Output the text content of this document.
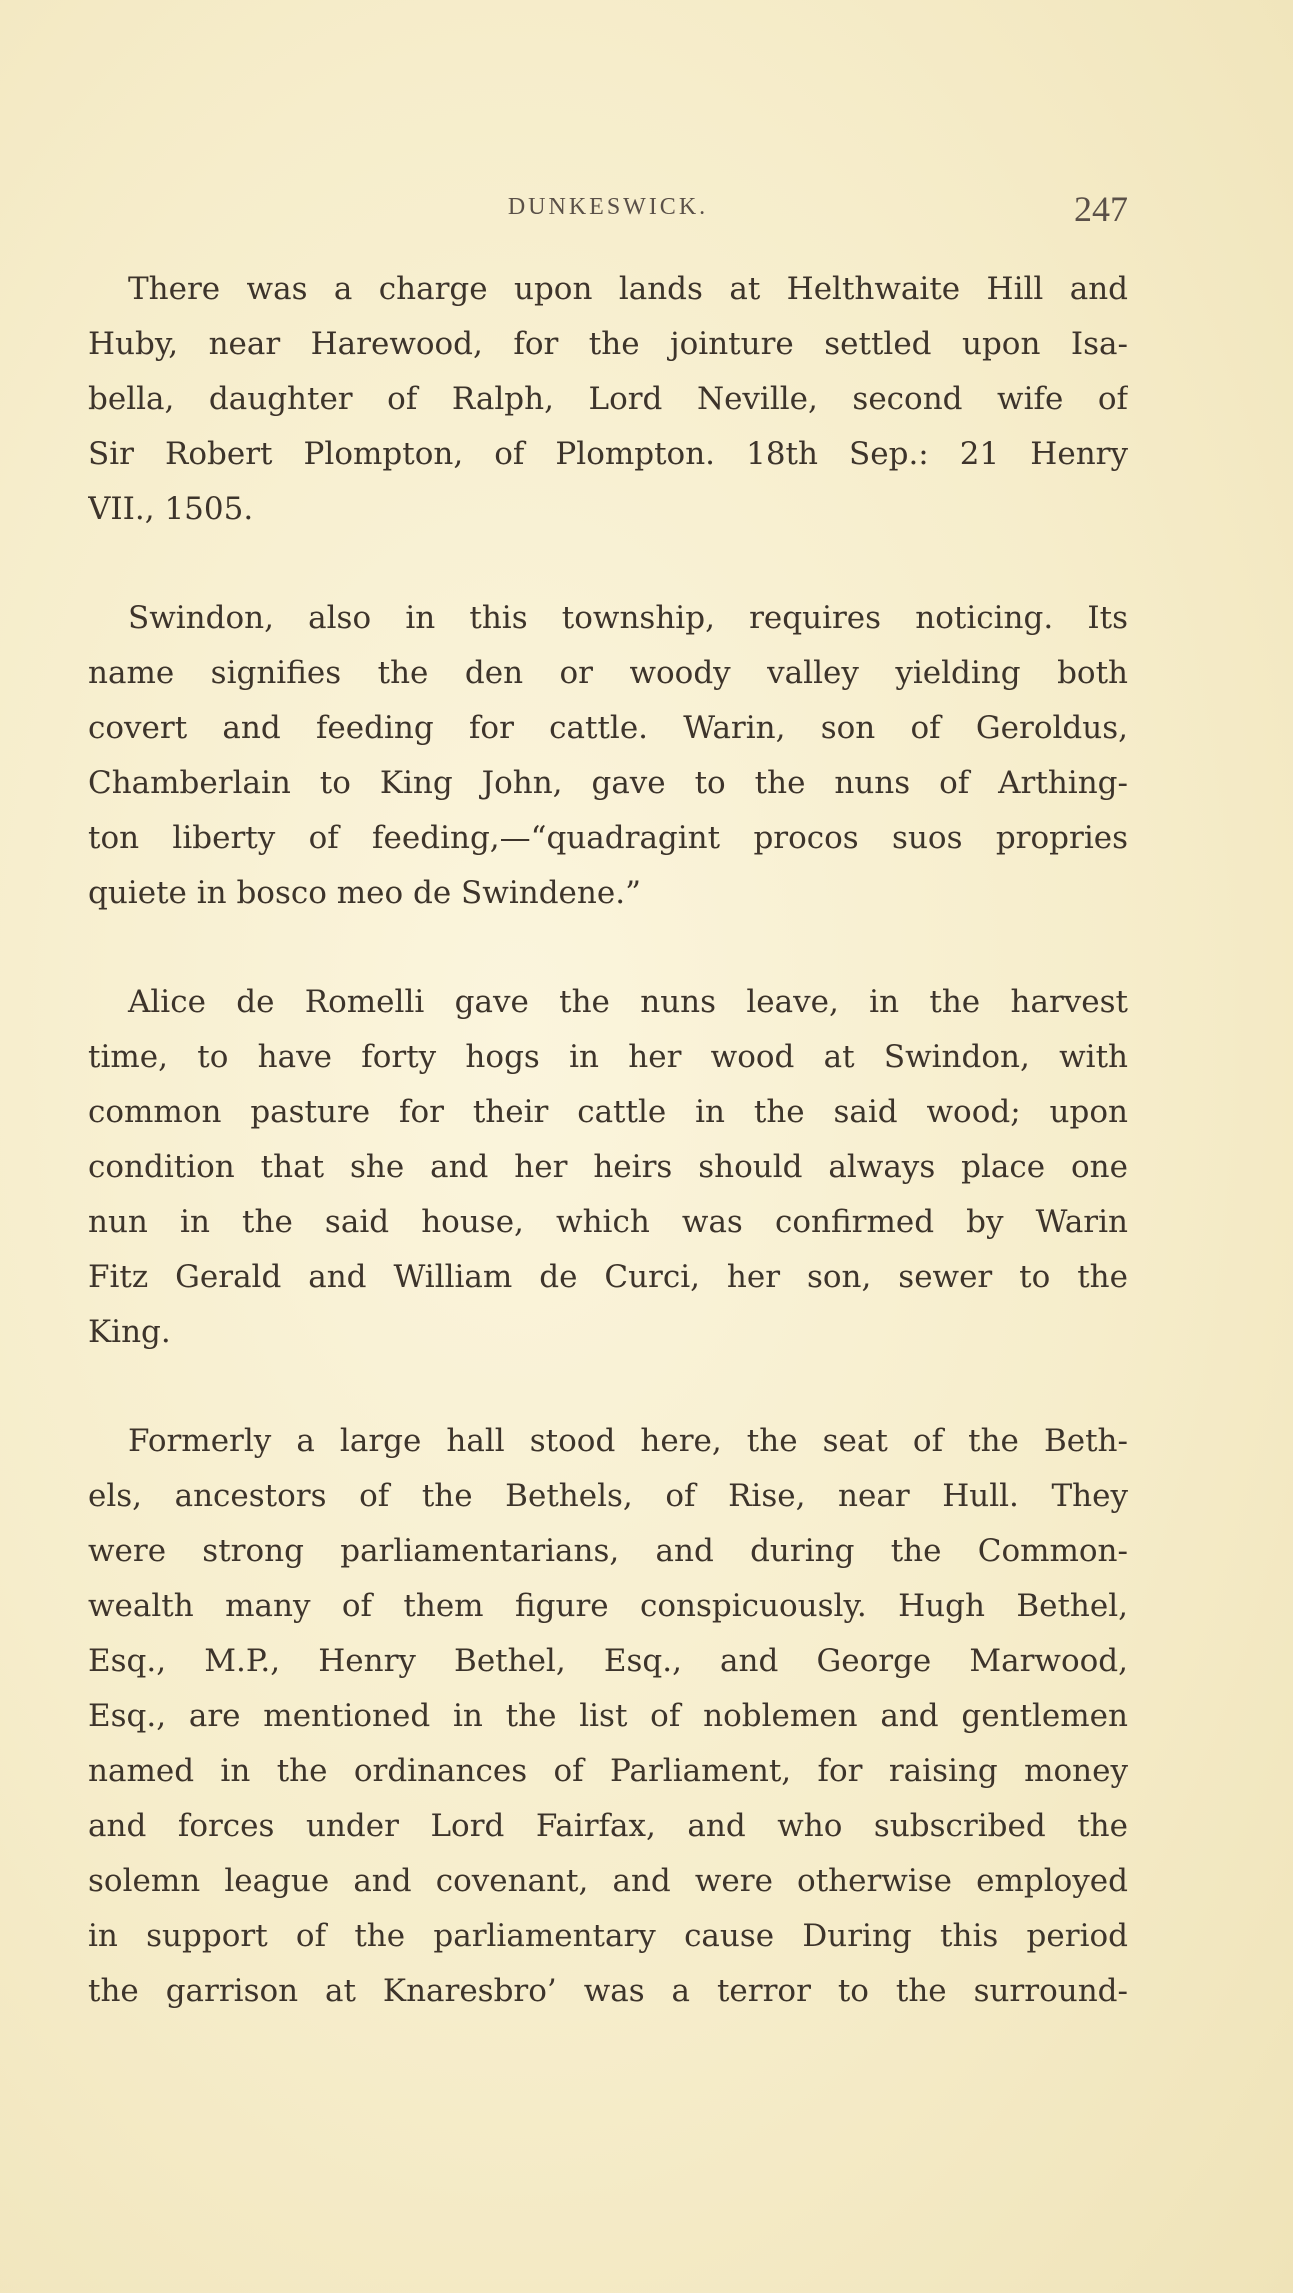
DUNKESWICK.	247
There was a charge upon lands at Helthwaite Hill and
Huby, near Harewood, for the jointure settled upon Isa-
bella, daughter of Ralph, Lord Neville, second wife of
Sir Robert Plompton, of Plompton. 18th Sep.: 21 Henry
VII., 1505.
Swindon, also in this township, requires noticing. Its
name signifies the den or woody valley yielding both
covert and feeding for cattle. Warin, son of Geroldus,
Chamberlain to King John, gave to the nuns of Arthing-
ton liberty of feeding,—“quadragint procos suos propries
quiete in bosco meo de Swindene.”
Alice de Romelli gave the nuns leave, in the harvest
time, to have forty hogs in her wood at Swindon, with
common pasture for their cattle in the said wood; upon
condition that she and her heirs should always place one
nun in the said house, which was confirmed by Warin
Fitz Gerald and William de Curci, her son, sewer to the
King.
Formerly a large hall stood here, the seat of the Beth-
els, ancestors of the Bethels, of Rise, near Hull. They
were strong parliamentarians, and during the Common-
wealth many of them figure conspicuously. Hugh Bethel,
Esq., M.P., Henry Bethel, Esq., and George Marwood,
Esq., are mentioned in the list of noblemen and gentlemen
named in the ordinances of Parliament, for raising money
and forces under Lord Fairfax, and who subscribed the
solemn league and covenant, and were otherwise employed
in support of the parliamentary cause During this period
the garrison at Knaresbro’ was a terror to the surround-
